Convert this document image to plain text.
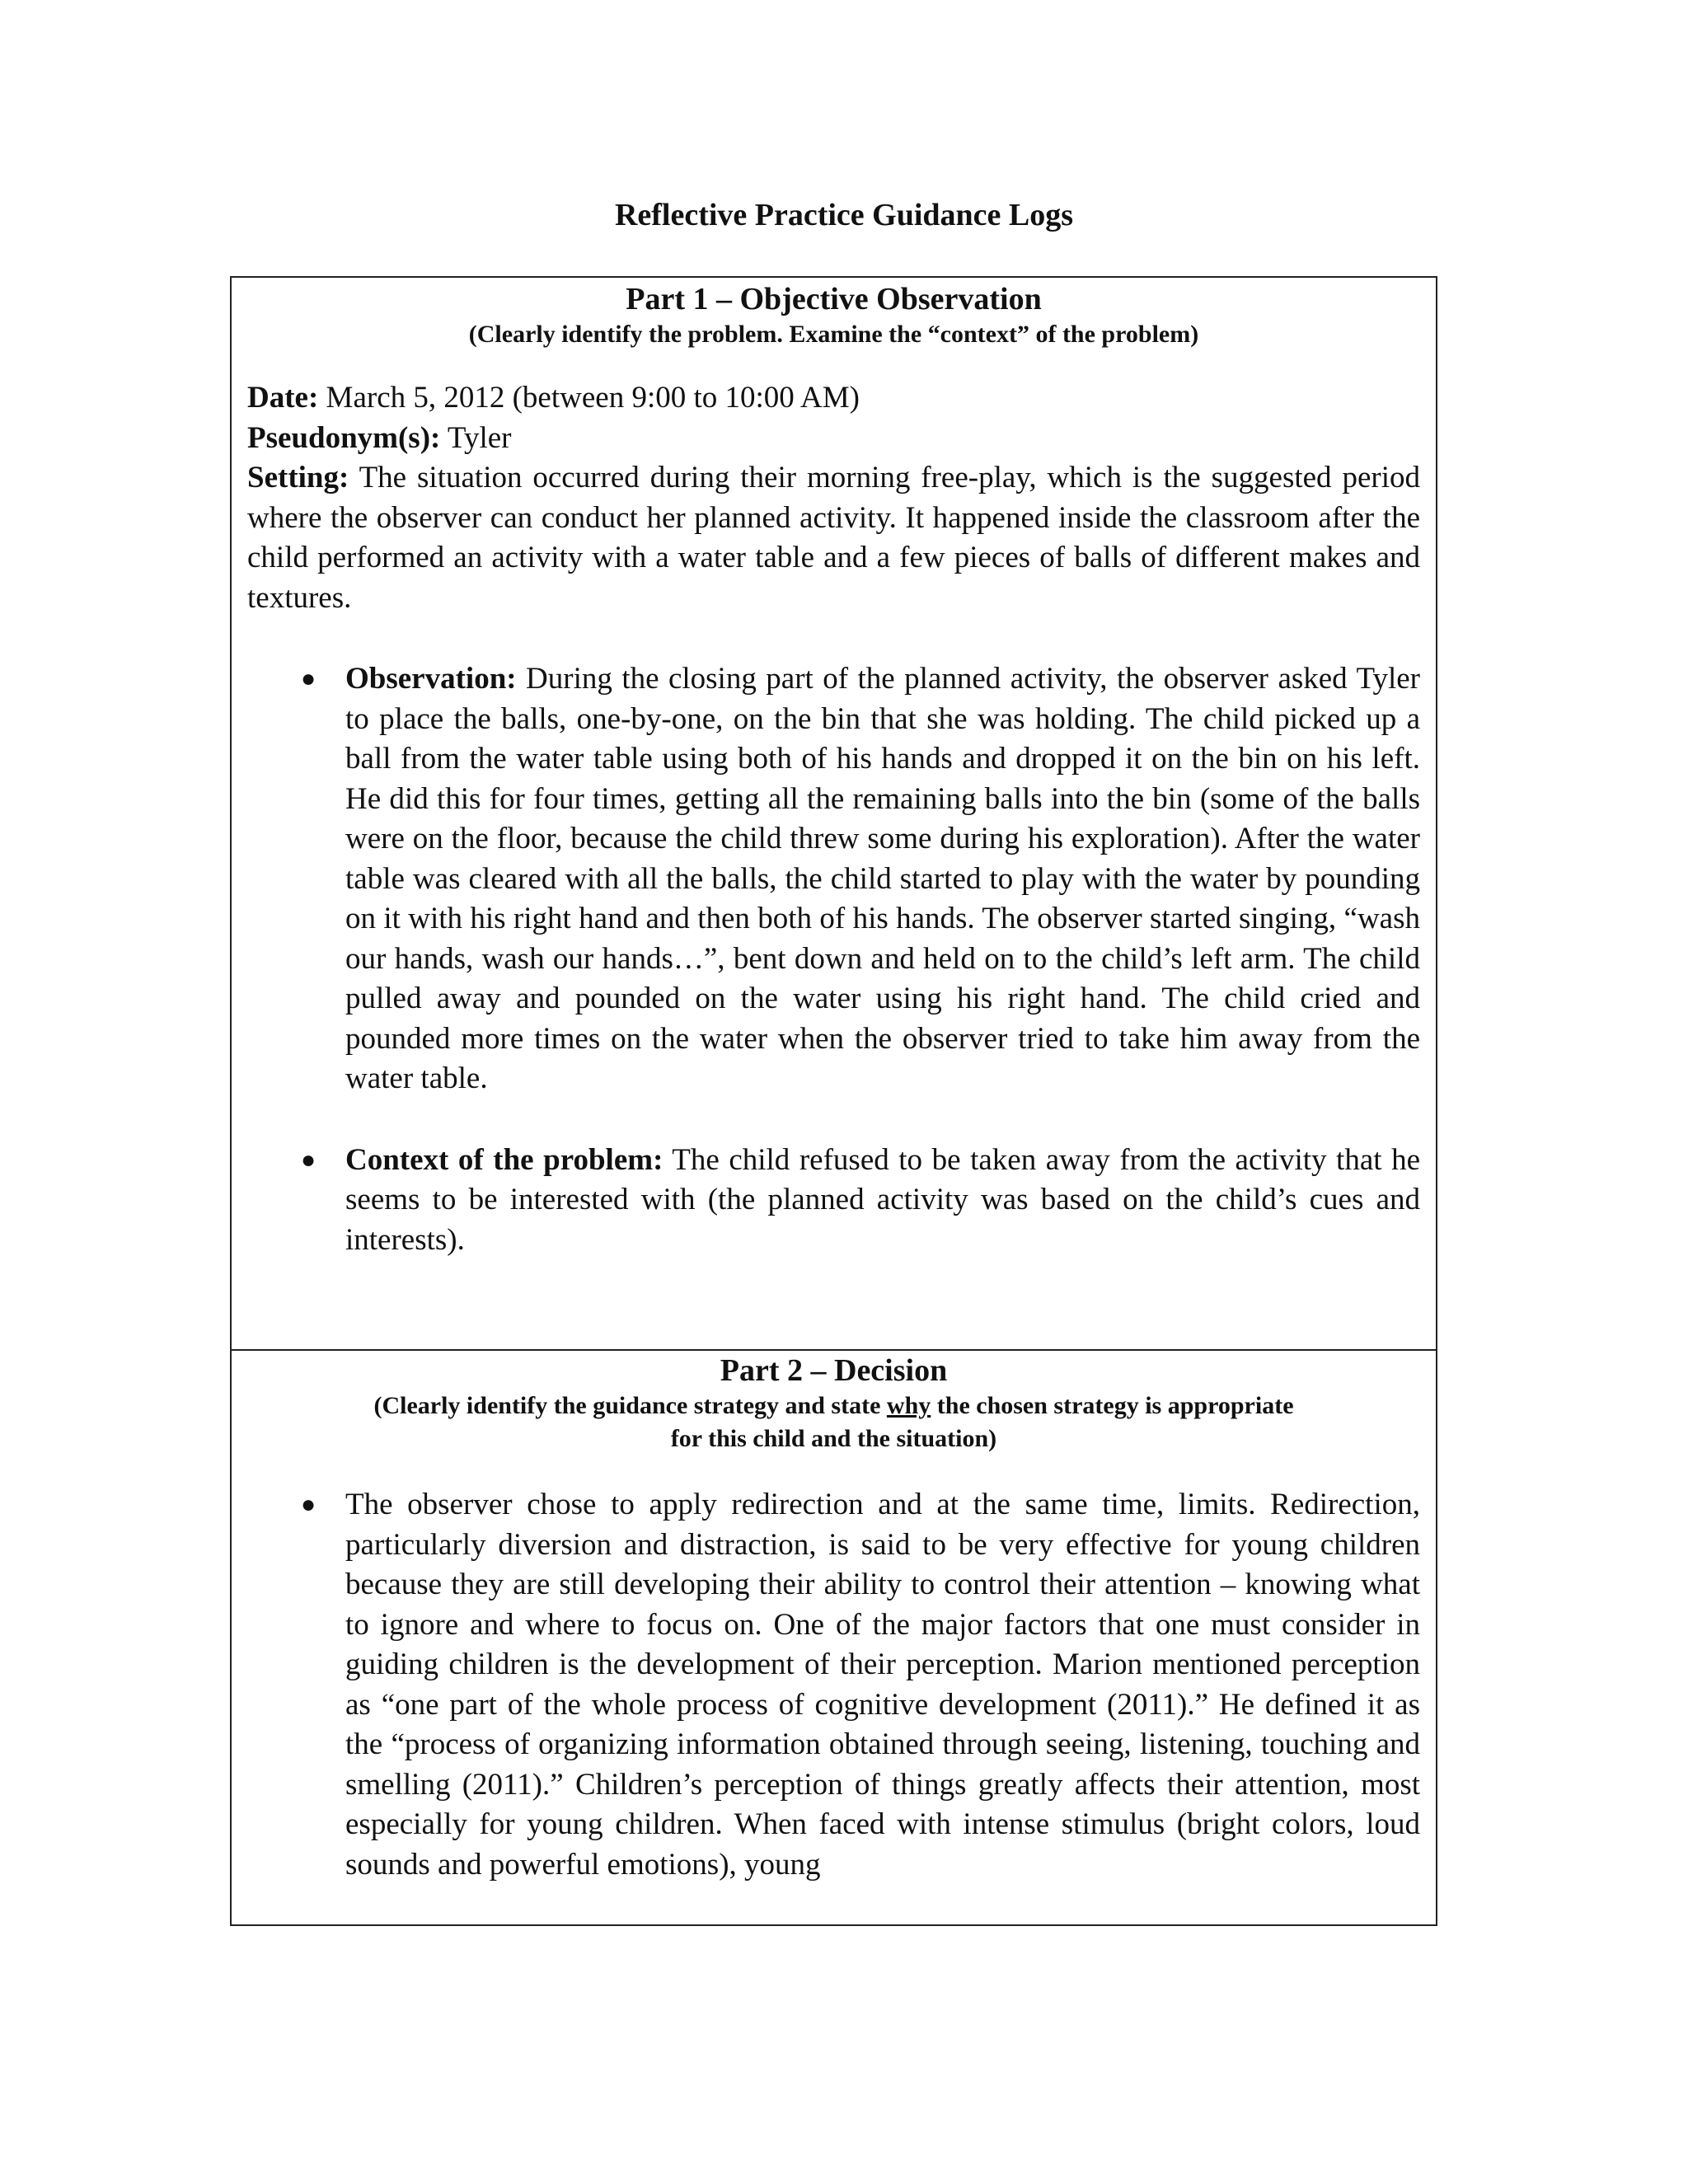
Reflective Practice Guidance Logs

Part 1 – Objective Observation

(Clearly identify the problem. Examine the “context” of the problem)

Date: March 5, 2012 (between 9:00 to 10:00 AM)

Pseudonym(s): Tyler

Setting: The situation occurred during their morning free-play, which is the suggested period where the observer can conduct her planned activity. It happened inside the classroom after the child performed an activity with a water table and a few pieces of balls of different makes and textures.

● Observation: During the closing part of the planned activity, the observer asked Tyler to place the balls, one-by-one, on the bin that she was holding. The child picked up a ball from the water table using both of his hands and dropped it on the bin on his left. He did this for four times, getting all the remaining balls into the bin (some of the balls were on the floor, because the child threw some during his exploration). After the water table was cleared with all the balls, the child started to play with the water by pounding on it with his right hand and then both of his hands. The observer started singing, “wash our hands, wash our hands…”, bent down and held on to the child’s left arm. The child pulled away and pounded on the water using his right hand. The child cried and pounded more times on the water when the observer tried to take him away from the water table.
● Context of the problem: The child refused to be taken away from the activity that he seems to be interested with (the planned activity was based on the child’s cues and interests).

Part 2 – Decision

(Clearly identify the guidance strategy and state why the chosen strategy is appropriate

for this child and the situation)

● The observer chose to apply redirection and at the same time, limits. Redirection, particularly diversion and distraction, is said to be very effective for young children because they are still developing their ability to control their attention – knowing what to ignore and where to focus on. One of the major factors that one must consider in guiding children is the development of their perception. Marion mentioned perception as “one part of the whole process of cognitive development (2011).” He defined it as the “process of organizing information obtained through seeing, listening, touching and smelling (2011).” Children’s perception of things greatly affects their attention, most especially for young children. When faced with intense stimulus (bright colors, loud sounds and powerful emotions), young
